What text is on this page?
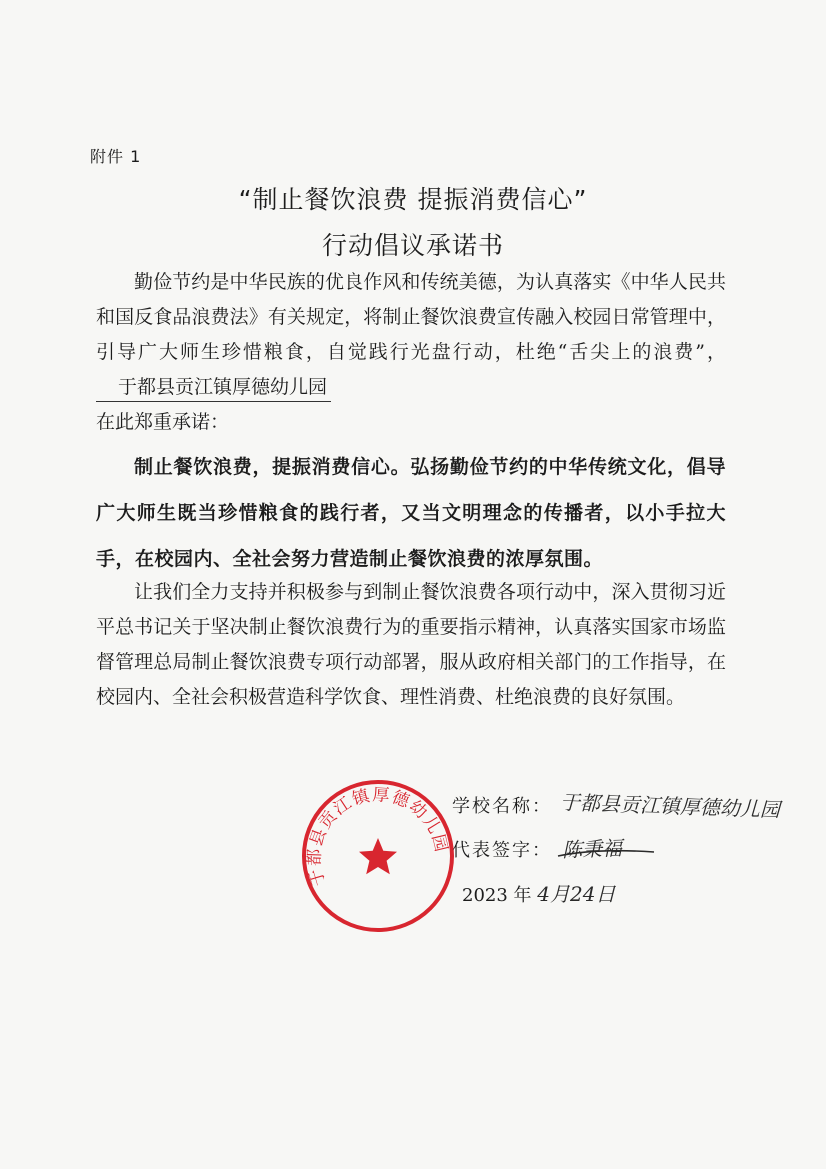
附件 1
“制止餐饮浪费 提振消费信心”
行动倡议承诺书

勤俭节约是中华民族的优良作风和传统美德，为认真落实《中华人民共和国反食品浪费法》有关规定，将制止餐饮浪费宣传融入校园日常管理中，引导广大师生珍惜粮食，自觉践行光盘行动，杜绝“舌尖上的浪费”，于都县贡江镇厚德幼儿园
在此郑重承诺：

制止餐饮浪费，提振消费信心。弘扬勤俭节约的中华传统文化，倡导广大师生既当珍惜粮食的践行者，又当文明理念的传播者，以小手拉大手，在校园内、全社会努力营造制止餐饮浪费的浓厚氛围。

让我们全力支持并积极参与到制止餐饮浪费各项行动中，深入贯彻习近平总书记关于坚决制止餐饮浪费行为的重要指示精神，认真落实国家市场监督管理总局制止餐饮浪费专项行动部署，服从政府相关部门的工作指导，在校园内、全社会积极营造科学饮食、理性消费、杜绝浪费的良好氛围。

于都县贡江镇厚德幼儿园
学校名称： 于都县贡江镇厚德幼儿园
代表签字： 陈秉福
2023 年 4月24日
